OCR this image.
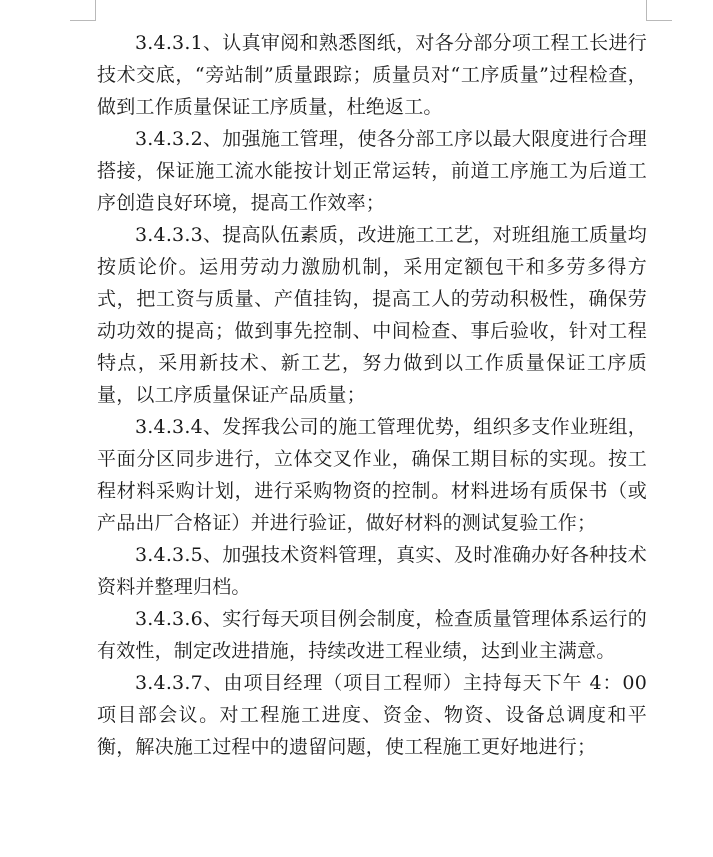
3.4.3.1、认真审阅和熟悉图纸，对各分部分项工程工长进行技术交底，“旁站制”质量跟踪；质量员对“工序质量”过程检查，做到工作质量保证工序质量，杜绝返工。

3.4.3.2、加强施工管理，使各分部工序以最大限度进行合理搭接，保证施工流水能按计划正常运转，前道工序施工为后道工序创造良好环境，提高工作效率；

3.4.3.3、提高队伍素质，改进施工工艺，对班组施工质量均按质论价。运用劳动力激励机制，采用定额包干和多劳多得方式，把工资与质量、产值挂钩，提高工人的劳动积极性，确保劳动功效的提高；做到事先控制、中间检查、事后验收，针对工程特点，采用新技术、新工艺，努力做到以工作质量保证工序质量，以工序质量保证产品质量；

3.4.3.4、发挥我公司的施工管理优势，组织多支作业班组，平面分区同步进行，立体交叉作业，确保工期目标的实现。按工程材料采购计划，进行采购物资的控制。材料进场有质保书（或产品出厂合格证）并进行验证，做好材料的测试复验工作；

3.4.3.5、加强技术资料管理，真实、及时准确办好各种技术资料并整理归档。

3.4.3.6、实行每天项目例会制度，检查质量管理体系运行的有效性，制定改进措施，持续改进工程业绩，达到业主满意。

3.4.3.7、由项目经理（项目工程师）主持每天下午 4：00 项目部会议。对工程施工进度、资金、物资、设备总调度和平衡，解决施工过程中的遗留问题，使工程施工更好地进行；
